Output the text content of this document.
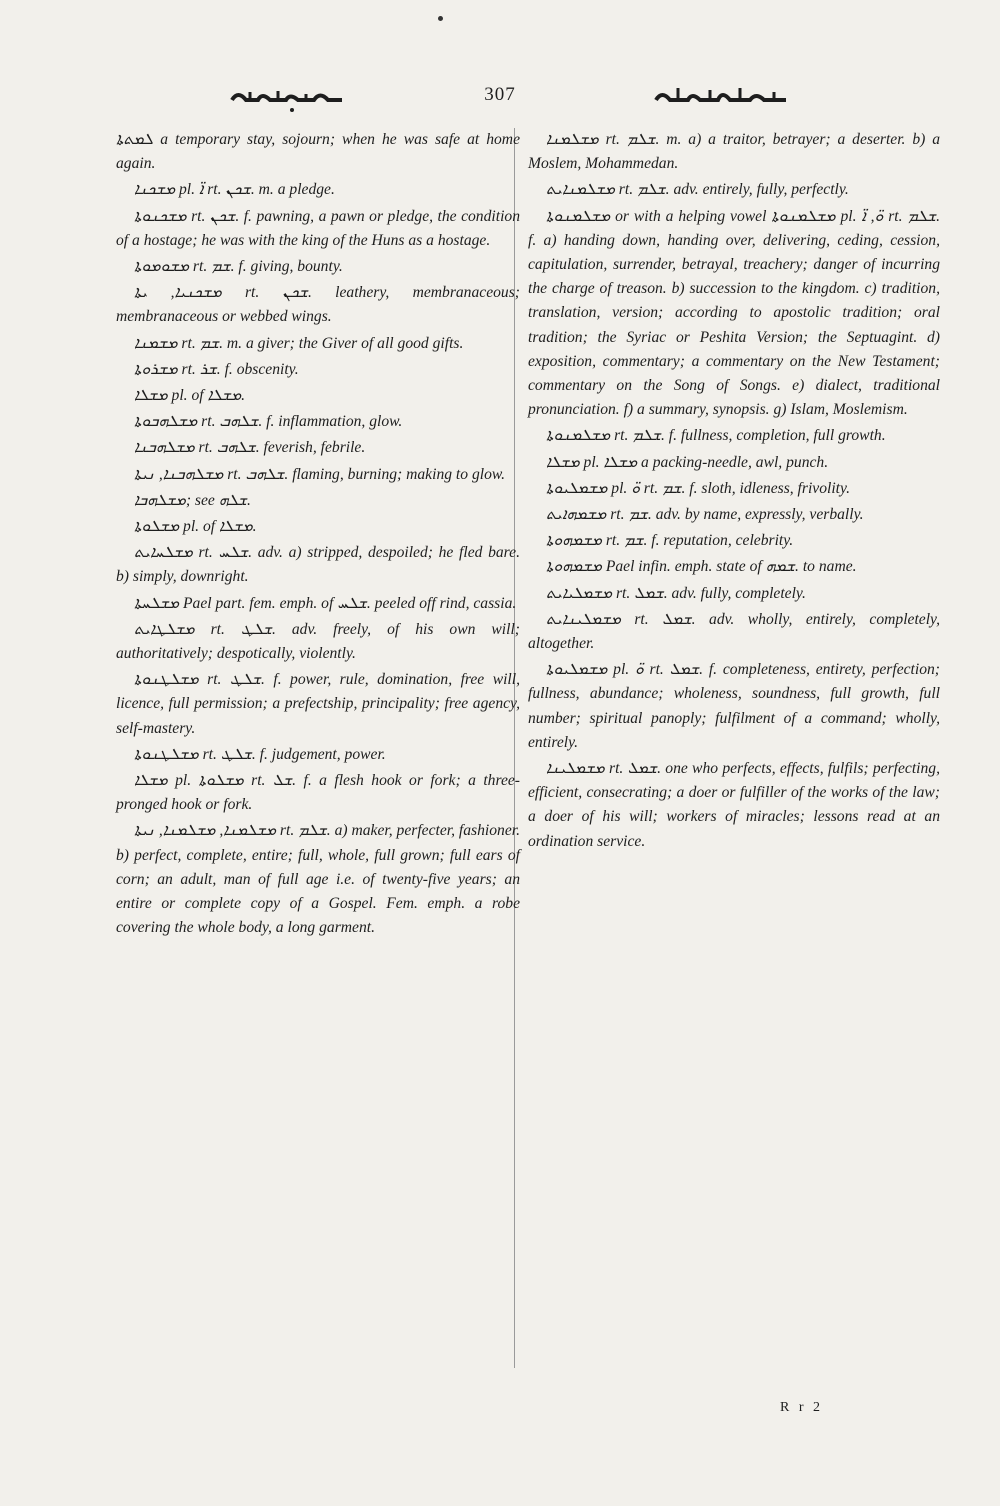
307

ܠܡܬܬܐ a temporary stay, sojourn; when he was safe at home again.

ܡܫܟܢܐ pl. ܐ̈ rt. ܫܟܢ. m. a pledge.

ܡܫܟܢܘܬܐ rt. ܫܟܢ. f. pawning, a pawn or pledge, the condition of a hostage; he was with the king of the Huns as a hostage.

ܡܫܘܡܘܬܐ rt. ܫܡ. f. giving, bounty.

ܡܫܟܢܝܐ, ܝܬܐ rt. ܫܟܢ. leathery, membranaceous; membranaceous or webbed wings.

ܡܫܡܢܐ rt. ܫܡ. m. a giver; the Giver of all good gifts.

ܡܫܪܘܬܐ rt. ܫܪ. f. obscenity.

ܡܫܠܐ pl. of ܡܫܠܐ.

ܡܫܠܗܒܘܬܐ rt. ܫܠܗܒ. f. inflammation, glow.

ܡܫܠܗܒܢܐ rt. ܫܠܗܒ. feverish, febrile.

ܡܫܠܗܒܢܐ, ܢܝܬܐ rt. ܫܠܗܒ. flaming, burning; making to glow.

ܡܫܠܗܒܐ; see ܫܠܗ.

ܡܫܠܘܬܐ pl. of ܡܫܠܐ.

ܡܫܠܚܐܝܬ rt. ܫܠܚ. adv. a) stripped, despoiled; he fled bare. b) simply, downright.

ܡܫܠܚܬܐ Pael part. fem. emph. of ܫܠܚ. peeled off rind, cassia.

ܡܫܠܛܐܝܬ rt. ܫܠܛ. adv. freely, of his own will; authoritatively; despotically, violently.

ܡܫܠܛܢܘܬܐ rt. ܫܠܛ. f. power, rule, domination, free will, licence, full permission; a prefectship, principality; free agency, self-mastery.

ܡܫܠܛܢܘܬܐ rt. ܫܠܛ. f. judgement, power.

ܡܫܠܐ pl. ܡܫܠܘܬܐ rt. ܫܠ. f. a flesh hook or fork; a three-pronged hook or fork.

ܡܫܠܡܢܐ, ܡܫܠܡܢܐ, ܢܝܬܐ rt. ܫܠܡ. a) maker, perfecter, fashioner. b) perfect, complete, entire; full, whole, full grown; full ears of corn; an adult, man of full age i.e. of twenty-five years; an entire or complete copy of a Gospel. Fem. emph. a robe covering the whole body, a long garment.

ܡܫܠܡܢܐ rt. ܫܠܡ. m. a) a traitor, betrayer; a deserter. b) a Moslem, Mohammedan.

ܡܫܠܡܢܐܝܬ rt. ܫܠܡ. adv. entirely, fully, perfectly.

ܡܫܠܡܢܘܬܐ or with a helping vowel ܡܫܠܡܢܘܬܐ pl. ܘ̈, ܐ̈ rt. ܫܠܡ. f. a) handing down, handing over, delivering, ceding, cession, capitulation, surrender, betrayal, treachery; danger of incurring the charge of treason. b) succession to the kingdom. c) tradition, translation, version; according to apostolic tradition; oral tradition; the Syriac or Peshita Version; the Septuagint. d) exposition, commentary; a commentary on the New Testament; commentary on the Song of Songs. e) dialect, traditional pronunciation. f) a summary, synopsis. g) Islam, Moslemism.

ܡܫܠܡܢܘܬܐ rt. ܫܠܡ. f. fullness, completion, full growth.

ܡܫܠܐ pl. ܡܫܠܐ a packing-needle, awl, punch.

ܡܫܡܠܝܘܬܐ pl. ܘ̈ rt. ܫܡ. f. sloth, idleness, frivolity.

ܡܫܡܗܐܝܬ rt. ܫܡ. adv. by name, expressly, verbally.

ܡܫܡܗܘܬܐ rt. ܫܡ. f. reputation, celebrity.

ܡܫܡܗܘܬܐ Pael infin. emph. state of ܫܡܗ. to name.

ܡܫܡܠܝܐܝܬ rt. ܫܡܠ. adv. fully, completely.

ܡܫܡܠܝܢܐܝܬ rt. ܫܡܠ. adv. wholly, entirely, completely, altogether.

ܡܫܡܠܝܘܬܐ pl. ܘ̈ rt. ܫܡܠ. f. completeness, entirety, perfection; fullness, abundance; wholeness, soundness, full growth, full number; spiritual panoply; fulfilment of a command; wholly, entirely.

ܡܫܡܠܝܢܐ rt. ܫܡܠ. one who perfects, effects, fulfils; perfecting, efficient, consecrating; a doer or fulfiller of the works of the law; a doer of his will; workers of miracles; lessons read at an ordination service.

R r 2
